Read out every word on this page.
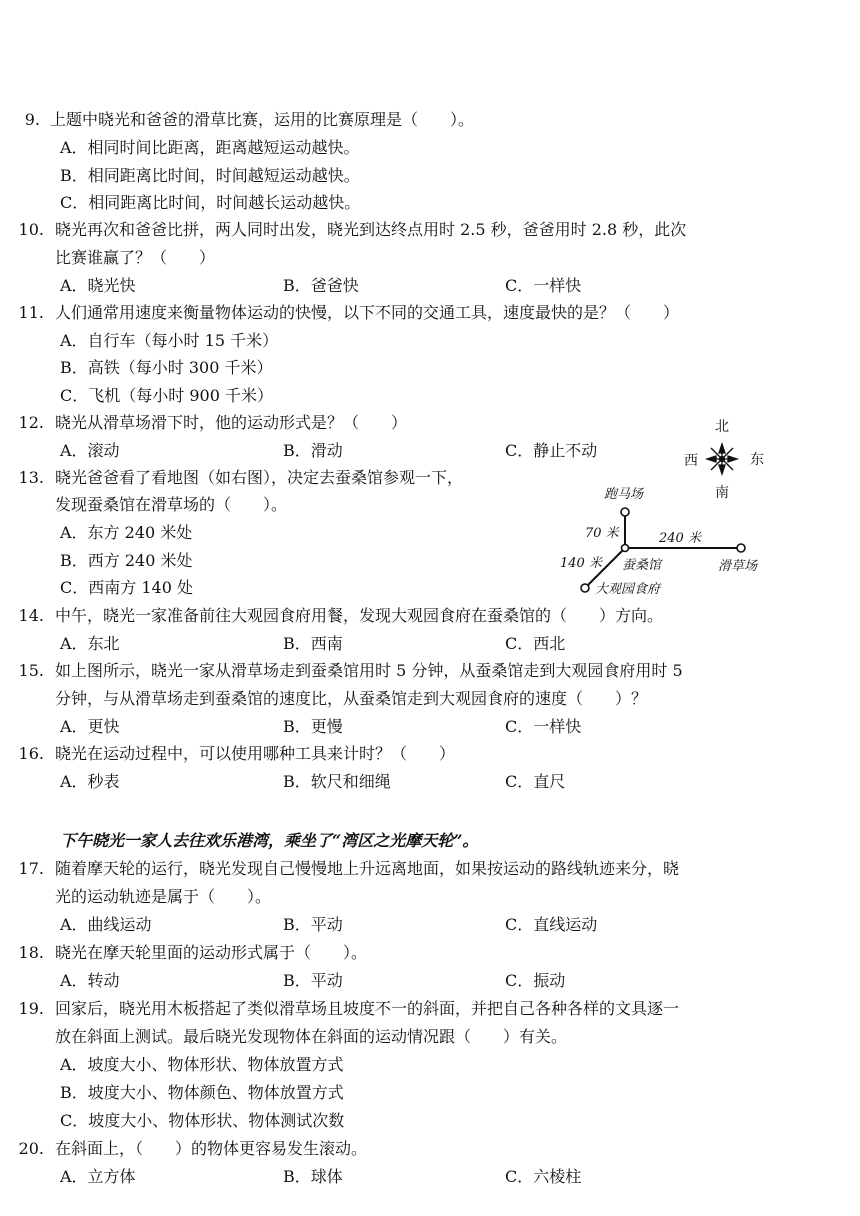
9. 上题中晓光和爸爸的滑草比赛，运用的比赛原理是（　　）。
A．相同时间比距离，距离越短运动越快。
B．相同距离比时间，时间越短运动越快。
C．相同距离比时间，时间越长运动越快。
10. 晓光再次和爸爸比拼，两人同时出发，晓光到达终点用时 2.5 秒，爸爸用时 2.8 秒，此次
比赛谁赢了？（　　）
A．晓光快	B．爸爸快	C．一样快
11. 人们通常用速度来衡量物体运动的快慢，以下不同的交通工具，速度最快的是？（　　）
A．自行车（每小时 15 千米）
B．高铁（每小时 300 千米）
C．飞机（每小时 900 千米）
12. 晓光从滑草场滑下时，他的运动形式是？（　　）
A．滚动	B．滑动	C．静止不动
13. 晓光爸爸看了看地图（如右图），决定去蚕桑馆参观一下，
发现蚕桑馆在滑草场的（　　）。
A．东方 240 米处
B．西方 240 米处
C．西南方 140 处
北
南
西	东
跑马场
70 米	240 米
140 米 蚕桑馆	滑草场
大观园食府
14. 中午，晓光一家准备前往大观园食府用餐，发现大观园食府在蚕桑馆的（　　）方向。
A．东北	B．西南	C．西北
15. 如上图所示，晓光一家从滑草场走到蚕桑馆用时 5 分钟，从蚕桑馆走到大观园食府用时 5
分钟，与从滑草场走到蚕桑馆的速度比，从蚕桑馆走到大观园食府的速度（　　）？
A．更快	B．更慢	C．一样快
16. 晓光在运动过程中，可以使用哪种工具来计时？（　　）
A．秒表	B．软尺和细绳	C．直尺
下午晓光一家人去往欢乐港湾，乘坐了“湾区之光摩天轮”。
17. 随着摩天轮的运行，晓光发现自己慢慢地上升远离地面，如果按运动的路线轨迹来分，晓
光的运动轨迹是属于（　　）。
A．曲线运动	B．平动	C．直线运动
18. 晓光在摩天轮里面的运动形式属于（　　）。
A．转动	B．平动	C．振动
19. 回家后，晓光用木板搭起了类似滑草场且坡度不一的斜面，并把自己各种各样的文具逐一
放在斜面上测试。最后晓光发现物体在斜面的运动情况跟（　　）有关。
A．坡度大小、物体形状、物体放置方式
B．坡度大小、物体颜色、物体放置方式
C．坡度大小、物体形状、物体测试次数
20. 在斜面上，（　　）的物体更容易发生滚动。
A．立方体	B．球体	C．六棱柱
